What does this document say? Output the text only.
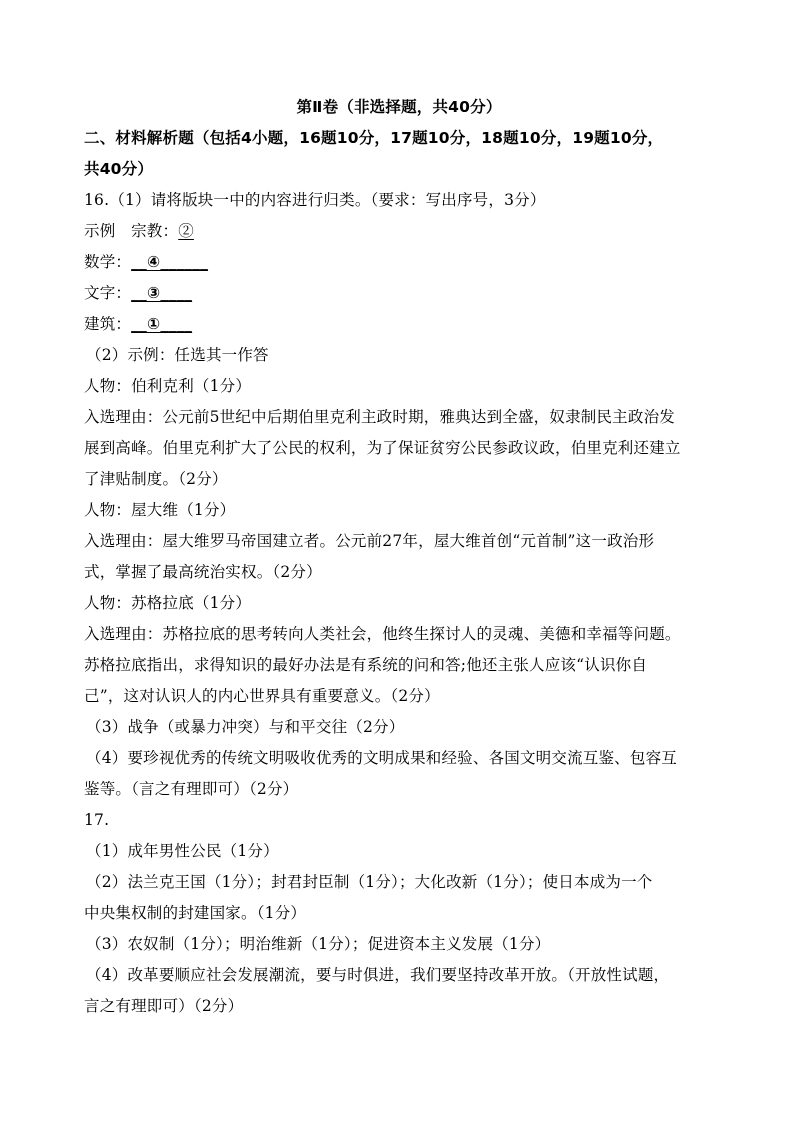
第Ⅱ卷（非选择题，共40分）
二、材料解析题（包括4小题，16题10分，17题10分，18题10分，19题10分，
共40分）
16.（1）请将版块一中的内容进行归类。（要求：写出序号，3分）
示例　宗教：②
数学：__④______
文字：__③____
建筑：__①____
（2）示例：任选其一作答
人物：伯利克利（1分）
入选理由：公元前5世纪中后期伯里克利主政时期，雅典达到全盛，奴隶制民主政治发
展到高峰。伯里克利扩大了公民的权利，为了保证贫穷公民参政议政，伯里克利还建立
了津贴制度。（2分）
人物：屋大维（1分）
入选理由：屋大维罗马帝国建立者。公元前27年，屋大维首创“元首制”这一政治形
式，掌握了最高统治实权。（2分）
人物：苏格拉底（1分）
入选理由：苏格拉底的思考转向人类社会，他终生探讨人的灵魂、美德和幸福等问题。
苏格拉底指出，求得知识的最好办法是有系统的问和答;他还主张人应该“认识你自
己”，这对认识人的内心世界具有重要意义。（2分）
（3）战争（或暴力冲突）与和平交往（2分）
（4）要珍视优秀的传统文明吸收优秀的文明成果和经验、各国文明交流互鉴、包容互
鉴等。（言之有理即可）（2分）
17.
（1）成年男性公民（1分）
（2）法兰克王国（1分）；封君封臣制（1分）；大化改新（1分）；使日本成为一个
中央集权制的封建国家。（1分）
（3）农奴制（1分）；明治维新（1分）；促进资本主义发展（1分）
（4）改革要顺应社会发展潮流，要与时俱进，我们要坚持改革开放。（开放性试题，
言之有理即可）（2分）
